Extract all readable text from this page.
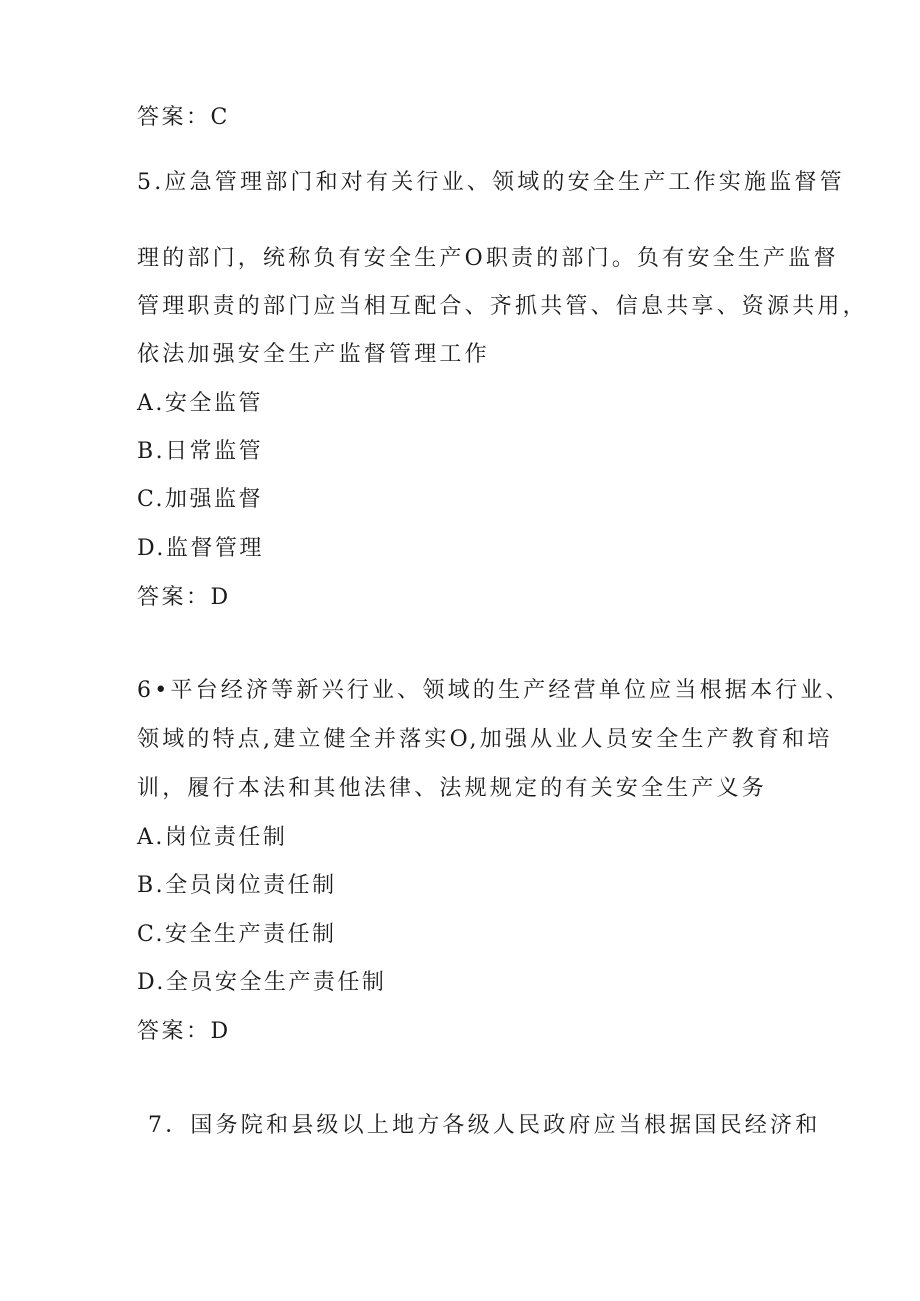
答案：C
5.应急管理部门和对有关行业、领域的安全生产工作实施监督管
理的部门，统称负有安全生产O职责的部门。负有安全生产监督
管理职责的部门应当相互配合、齐抓共管、信息共享、资源共用，
依法加强安全生产监督管理工作
A.安全监管
B.日常监管
C.加强监督
D.监督管理
答案：D
6•平台经济等新兴行业、领域的生产经营单位应当根据本行业、
领域的特点,建立健全并落实O,加强从业人员安全生产教育和培
训，履行本法和其他法律、法规规定的有关安全生产义务
A.岗位责任制
B.全员岗位责任制
C.安全生产责任制
D.全员安全生产责任制
答案：D
7．国务院和县级以上地方各级人民政府应当根据国民经济和
